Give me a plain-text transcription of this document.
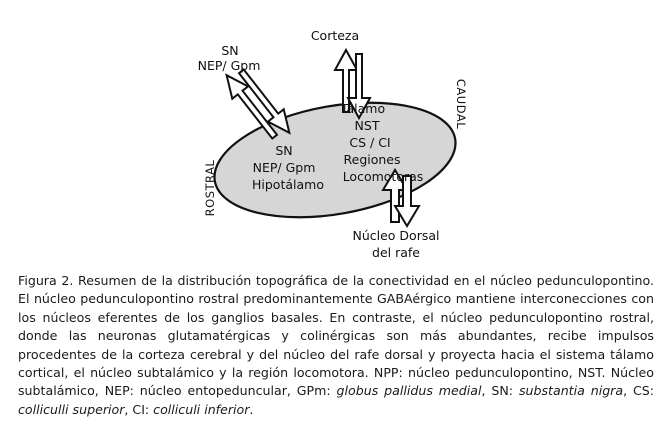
SN
NEP/ Gpm
Corteza
CAUDAL
ROSTRAL
Núcleo Dorsal
del rafe
SN
NEP/ Gpm
Hipotálamo
Tálamo
NST
CS / CI
Regiones
Locomotoras

Figura 2. Resumen de la distribución topográfica de la conectividad en el núcleo pedunculopontino. El núcleo pedunculopontino rostral predominantemente GABAérgico mantiene interconecciones con los núcleos eferentes de los ganglios basales. En contraste, el núcleo pedunculopontino rostral, donde las neuronas glutamatérgicas y colinérgicas son más abundantes, recibe impulsos procedentes de la corteza cerebral y del núcleo del rafe dorsal y proyecta hacia el sistema tálamo cortical, el núcleo subtalámico y la región locomotora. NPP: núcleo pedunculopontino, NST. Núcleo subtalámico, NEP: núcleo entopeduncular, GPm: globus pallidus medial, SN: substantia nigra, CS: colliculli superior, CI: colliculi inferior.
